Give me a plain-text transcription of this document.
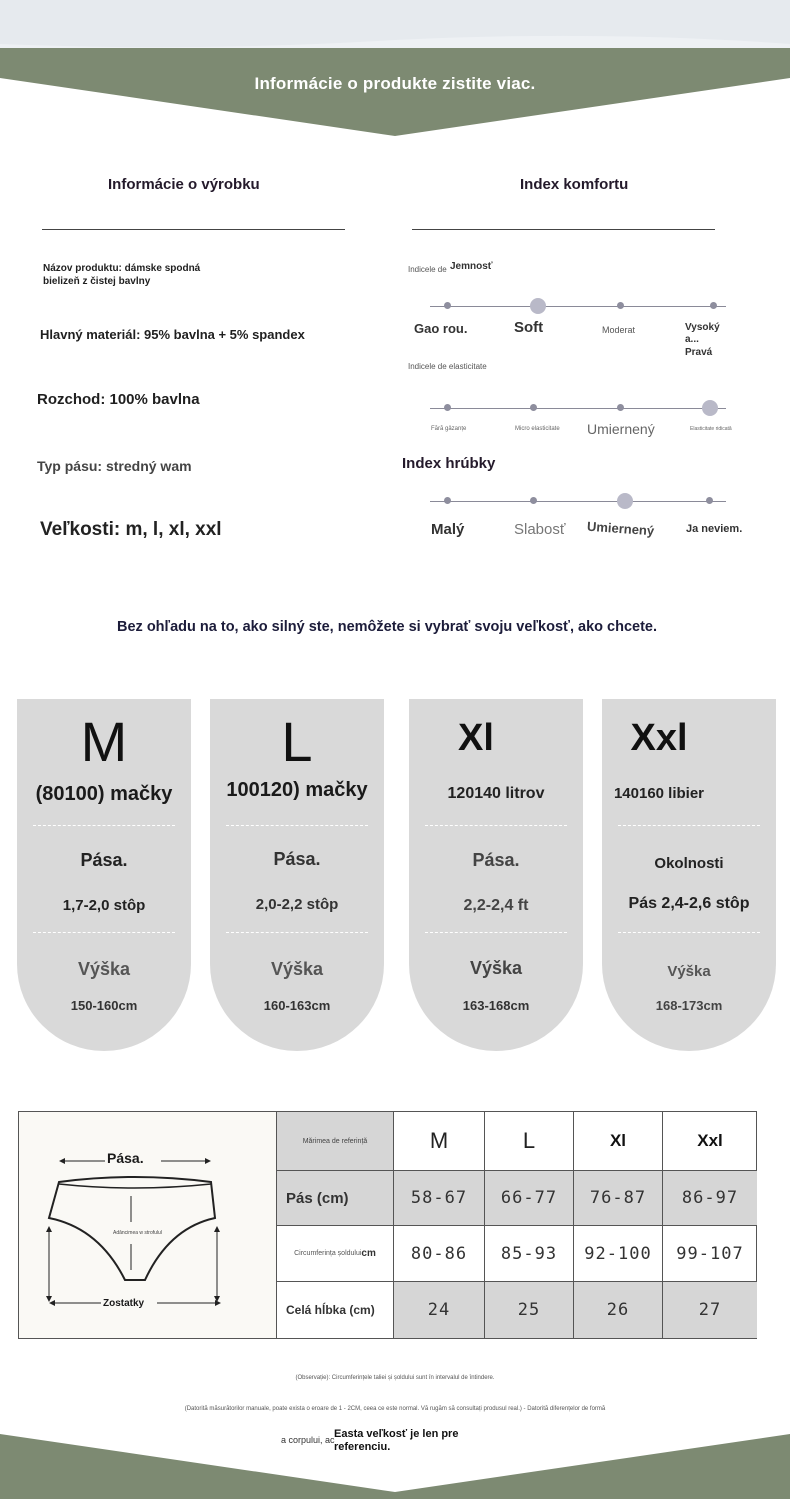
Informácie o produkte zistite viac.
Informácie o výrobku
Názov produktu: dámske spodná
bielizeň z čistej bavlny
Hlavný materiál: 95% bavlna + 5% spandex
Rozchod: 100% bavlna
Typ pásu: stredný wam
Veľkosti: m, l, xl, xxl
Index komfortu
Indicele de Jemnosť
Gao rou.	Soft	Moderat	Vysoký a...
Pravá
Indicele de elasticitate
Fără gâzanțe	Micro elasticitate Umiernený	Elasticitate ridicată
Index hrúbky
Malý	Slabosť Umiernený	Ja neviem.
Bez ohľadu na to, ako silný ste, nemôžete si vybrať svoju veľkosť, ako chcete.
M
(80100) mačky
Pása.
1,7-2,0 stôp
Výška
150-160cm
L
100120) mačky
Pása.
2,0-2,2 stôp
Výška
160-163cm
Xl
120140 litrov
Pása.
2,2-2,4 ft
Výška
163-168cm
Xxl
140160 libier
Okolnosti
Pás 2,4-2,6 stôp
Výška
168-173cm
Pása.
Adâncimea w strofulul
Zostatky
Mărimea de referință	M	L	Xl	Xxl
Pás (cm)	58-67 66-77 76-87 86-97
Circumferința șoldului cm 80-86 85-93 92-100 99-107
Celá hĺbka (cm)	24	25	26	27
(Observație): Circumferințele taliei și șoldului sunt în intervalul de întindere.
(Datorită măsurătorilor manuale, poate exista o eroare de 1 - 2CM, ceea ce este normal. Vă rugăm să consultați produsul real.) - Datorită diferențelor de formă
a corpului, ac Easta veľkosť je len pre referenciu.
